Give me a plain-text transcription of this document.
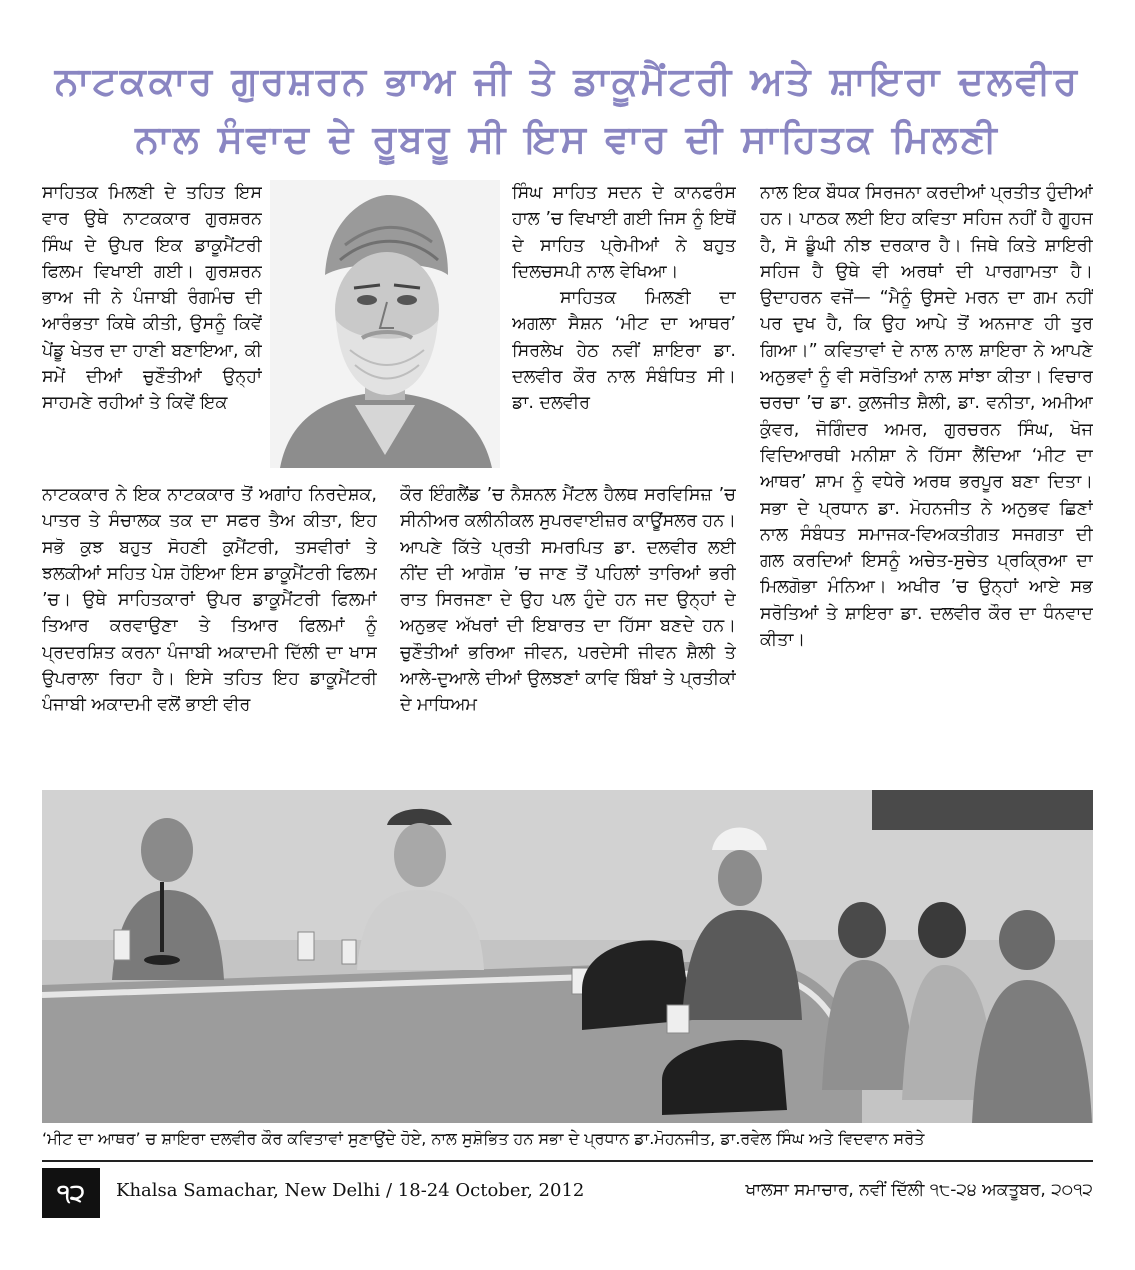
ਨਾਟਕਕਾਰ ਗੁਰਸ਼ਰਨ ਭਾਅ ਜੀ ਤੇ ਡਾਕੂਮੈਂਟਰੀ ਅਤੇ ਸ਼ਾਇਰਾ ਦਲਵੀਰ
ਨਾਲ ਸੰਵਾਦ ਦੇ ਰੂਬਰੂ ਸੀ ਇਸ ਵਾਰ ਦੀ ਸਾਹਿਤਕ ਮਿਲਣੀ

ਸਾਹਿਤਕ ਮਿਲਣੀ ਦੇ ਤਹਿਤ ਇਸ ਵਾਰ ਉਥੇ ਨਾਟਕਕਾਰ ਗੁਰਸ਼ਰਨ ਸਿੰਘ ਦੇ ਉਪਰ ਇਕ ਡਾਕੂਮੈਂਟਰੀ ਫਿਲਮ ਵਿਖਾਈ ਗਈ। ਗੁਰਸ਼ਰਨ ਭਾਅ ਜੀ ਨੇ ਪੰਜਾਬੀ ਰੰਗਮੰਚ ਦੀ ਆਰੰਭਤਾ ਕਿਥੇ ਕੀਤੀ, ਉਸਨੂੰ ਕਿਵੇਂ ਪੇਂਡੂ ਖੇਤਰ ਦਾ ਹਾਣੀ ਬਣਾਇਆ, ਕੀ ਸਮੇਂ ਦੀਆਂ ਚੁਣੌਤੀਆਂ ਉਨ੍ਹਾਂ ਸਾਹਮਣੇ ਰਹੀਆਂ ਤੇ ਕਿਵੇਂ ਇਕ

ਸਿੰਘ ਸਾਹਿਤ ਸਦਨ ਦੇ ਕਾਨਫਰੰਸ ਹਾਲ ’ਚ ਵਿਖਾਈ ਗਈ ਜਿਸ ਨੂੰ ਇਥੋਂ ਦੇ ਸਾਹਿਤ ਪ੍ਰੇਮੀਆਂ ਨੇ ਬਹੁਤ ਦਿਲਚਸਪੀ ਨਾਲ ਵੇਖਿਆ।

ਸਾਹਿਤਕ ਮਿਲਣੀ ਦਾ ਅਗਲਾ ਸੈਸ਼ਨ ‘ਮੀਟ ਦਾ ਆਥਰ’ ਸਿਰਲੇਖ ਹੇਠ ਨਵੀਂ ਸ਼ਾਇਰਾ ਡਾ. ਦਲਵੀਰ ਕੌਰ ਨਾਲ ਸੰਬੰਧਿਤ ਸੀ। ਡਾ. ਦਲਵੀਰ

ਨਾਟਕਕਾਰ ਨੇ ਇਕ ਨਾਟਕਕਾਰ ਤੋਂ ਅਗਾਂਹ ਨਿਰਦੇਸ਼ਕ, ਪਾਤਰ ਤੇ ਸੰਚਾਲਕ ਤਕ ਦਾ ਸਫਰ ਤੈਅ ਕੀਤਾ, ਇਹ ਸਭੋ ਕੁਝ ਬਹੁਤ ਸੋਹਣੀ ਕੁਮੈਂਟਰੀ, ਤਸਵੀਰਾਂ ਤੇ ਝਲਕੀਆਂ ਸਹਿਤ ਪੇਸ਼ ਹੋਇਆ ਇਸ ਡਾਕੂਮੈਂਟਰੀ ਫਿਲਮ ’ਚ। ਉਥੇ ਸਾਹਿਤਕਾਰਾਂ ਉਪਰ ਡਾਕੂਮੈਂਟਰੀ ਫਿਲਮਾਂ ਤਿਆਰ ਕਰਵਾਉਣਾ ਤੇ ਤਿਆਰ ਫਿਲਮਾਂ ਨੂੰ ਪ੍ਰਦਰਸ਼ਿਤ ਕਰਨਾ ਪੰਜਾਬੀ ਅਕਾਦਮੀ ਦਿੱਲੀ ਦਾ ਖਾਸ ਉਪਰਾਲਾ ਰਿਹਾ ਹੈ। ਇਸੇ ਤਹਿਤ ਇਹ ਡਾਕੂਮੈਂਟਰੀ ਪੰਜਾਬੀ ਅਕਾਦਮੀ ਵਲੋਂ ਭਾਈ ਵੀਰ

ਕੌਰ ਇੰਗਲੈਂਡ ’ਚ ਨੈਸ਼ਨਲ ਮੈਂਟਲ ਹੈਲਥ ਸਰਵਿਸਿਜ਼ ’ਚ ਸੀਨੀਅਰ ਕਲੀਨੀਕਲ ਸੁਪਰਵਾਈਜ਼ਰ ਕਾਊਂਸਲਰ ਹਨ। ਆਪਣੇ ਕਿੱਤੇ ਪ੍ਰਤੀ ਸਮਰਪਿਤ ਡਾ. ਦਲਵੀਰ ਲਈ ਨੀਂਦ ਦੀ ਆਗੋਸ਼ ’ਚ ਜਾਣ ਤੋਂ ਪਹਿਲਾਂ ਤਾਰਿਆਂ ਭਰੀ ਰਾਤ ਸਿਰਜਣਾ ਦੇ ਉਹ ਪਲ ਹੁੰਦੇ ਹਨ ਜਦ ਉਨ੍ਹਾਂ ਦੇ ਅਨੁਭਵ ਅੱਖਰਾਂ ਦੀ ਇਬਾਰਤ ਦਾ ਹਿੱਸਾ ਬਣਦੇ ਹਨ। ਚੁਣੌਤੀਆਂ ਭਰਿਆ ਜੀਵਨ, ਪਰਦੇਸੀ ਜੀਵਨ ਸ਼ੈਲੀ ਤੇ ਆਲੇ-ਦੁਆਲੇ ਦੀਆਂ ਉਲਝਣਾਂ ਕਾਵਿ ਬਿੰਬਾਂ ਤੇ ਪ੍ਰਤੀਕਾਂ ਦੇ ਮਾਧਿਅਮ

ਨਾਲ ਇਕ ਬੌਧਕ ਸਿਰਜਨਾ ਕਰਦੀਆਂ ਪ੍ਰਤੀਤ ਹੁੰਦੀਆਂ ਹਨ। ਪਾਠਕ ਲਈ ਇਹ ਕਵਿਤਾ ਸਹਿਜ ਨਹੀਂ ਹੈ ਗੂਹਜ ਹੈ, ਸੋ ਡੂੰਘੀ ਨੀਝ ਦਰਕਾਰ ਹੈ। ਜਿਥੇ ਕਿਤੇ ਸ਼ਾਇਰੀ ਸਹਿਜ ਹੈ ਉਥੇ ਵੀ ਅਰਥਾਂ ਦੀ ਪਾਰਗਾਮਤਾ ਹੈ। ਉਦਾਹਰਨ ਵਜੋਂ— “ਮੈਨੂੰ ਉਸਦੇ ਮਰਨ ਦਾ ਗਮ ਨਹੀਂ ਪਰ ਦੁਖ ਹੈ, ਕਿ ਉਹ ਆਪੇ ਤੋਂ ਅਨਜਾਣ ਹੀ ਤੁਰ ਗਿਆ।” ਕਵਿਤਾਵਾਂ ਦੇ ਨਾਲ ਨਾਲ ਸ਼ਾਇਰਾ ਨੇ ਆਪਣੇ ਅਨੁਭਵਾਂ ਨੂੰ ਵੀ ਸਰੋਤਿਆਂ ਨਾਲ ਸਾਂਝਾ ਕੀਤਾ। ਵਿਚਾਰ ਚਰਚਾ ’ਚ ਡਾ. ਕੁਲਜੀਤ ਸ਼ੈਲੀ, ਡਾ. ਵਨੀਤਾ, ਅਮੀਆ ਕੁੰਵਰ, ਜੋਗਿੰਦਰ ਅਮਰ, ਗੁਰਚਰਨ ਸਿੰਘ, ਖੋਜ ਵਿਦਿਆਰਥੀ ਮਨੀਸ਼ਾ ਨੇ ਹਿੱਸਾ ਲੈਂਦਿਆ ‘ਮੀਟ ਦਾ ਆਥਰ’ ਸ਼ਾਮ ਨੂੰ ਵਧੇਰੇ ਅਰਥ ਭਰਪੂਰ ਬਣਾ ਦਿਤਾ। ਸਭਾ ਦੇ ਪ੍ਰਧਾਨ ਡਾ. ਮੋਹਨਜੀਤ ਨੇ ਅਨੁਭਵ ਛਿਣਾਂ ਨਾਲ ਸੰਬੰਧਤ ਸਮਾਜਕ-ਵਿਅਕਤੀਗਤ ਸਜਗਤਾ ਦੀ ਗਲ ਕਰਦਿਆਂ ਇਸਨੂੰ ਅਚੇਤ-ਸੁਚੇਤ ਪ੍ਰਕ੍ਰਿਆ ਦਾ ਮਿਲਗੋਭਾ ਮੰਨਿਆ। ਅਖੀਰ ’ਚ ਉਨ੍ਹਾਂ ਆਏ ਸਭ ਸਰੋਤਿਆਂ ਤੇ ਸ਼ਾਇਰਾ ਡਾ. ਦਲਵੀਰ ਕੌਰ ਦਾ ਧੰਨਵਾਦ ਕੀਤਾ।

‘ਮੀਟ ਦਾ ਆਥਰ’ ਚ ਸ਼ਾਇਰਾ ਦਲਵੀਰ ਕੌਰ ਕਵਿਤਾਵਾਂ ਸੁਣਾਉਂਦੇ ਹੋਏ, ਨਾਲ ਸੁਸ਼ੋਭਿਤ ਹਨ ਸਭਾ ਦੇ ਪ੍ਰਧਾਨ ਡਾ.ਮੋਹਨਜੀਤ, ਡਾ.ਰਵੇਲ ਸਿੰਘ ਅਤੇ ਵਿਦਵਾਨ ਸਰੋਤੇ
੧੨	Khalsa Samachar, New Delhi / 18-24 October, 2012	ਖਾਲਸਾ ਸਮਾਚਾਰ, ਨਵੀਂ ਦਿੱਲੀ ੧੮-੨੪ ਅਕਤੂਬਰ, ੨੦੧੨
